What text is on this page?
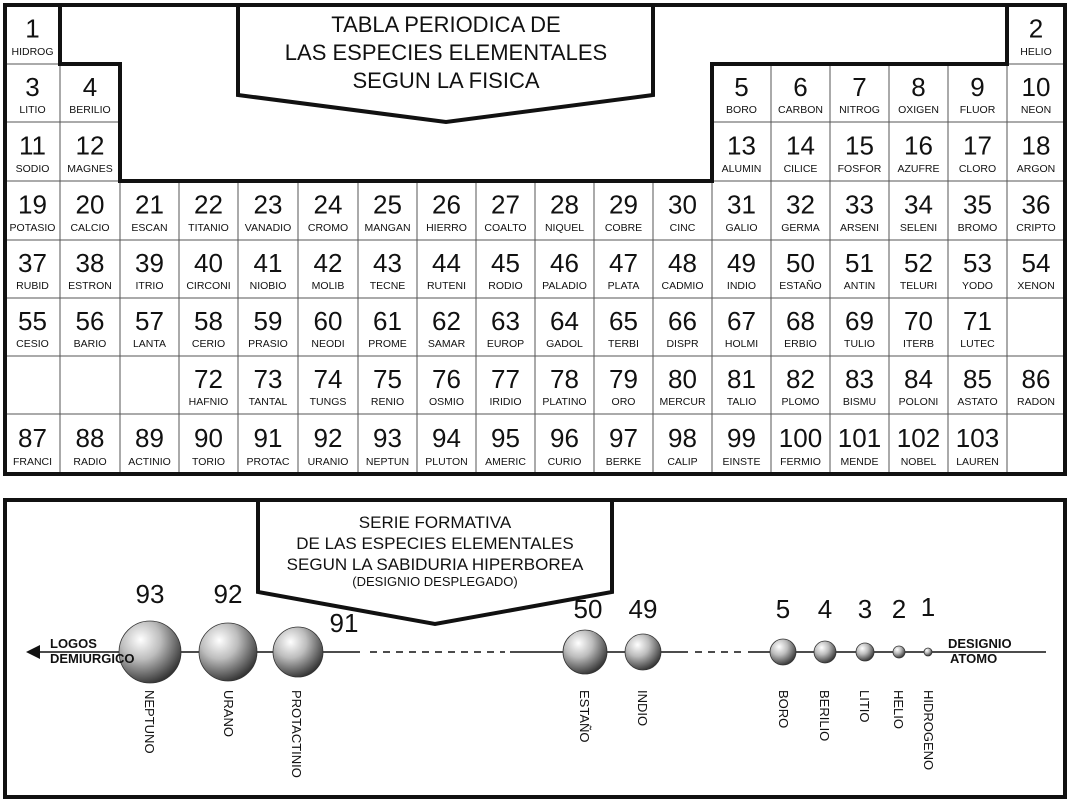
1
HIDROG
2
HELIO
3
LITIO
4
BERILIO
5
BORO
6
CARBON
7
NITROG
8
OXIGEN
9
FLUOR
10
NEON
11
SODIO
12
MAGNES
13
ALUMIN
14
CILICE
15
FOSFOR
16
AZUFRE
17
CLORO
18
ARGON
19
POTASIO
20
CALCIO
21
ESCAN
22
TITANIO
23
VANADIO
24
CROMO
25
MANGAN
26
HIERRO
27
COALTO
28
NIQUEL
29
COBRE
30
CINC
31
GALIO
32
GERMA
33
ARSENI
34
SELENI
35
BROMO
36
CRIPTO
37
RUBID
38
ESTRON
39
ITRIO
40
CIRCONI
41
NIOBIO
42
MOLIB
43
TECNE
44
RUTENI
45
RODIO
46
PALADIO
47
PLATA
48
CADMIO
49
INDIO
50
ESTAÑO
51
ANTIN
52
TELURI
53
YODO
54
XENON
55
CESIO
56
BARIO
57
LANTA
58
CERIO
59
PRASIO
60
NEODI
61
PROME
62
SAMAR
63
EUROP
64
GADOL
65
TERBI
66
DISPR
67
HOLMI
68
ERBIO
69
TULIO
70
ITERB
71
LUTEC
72
HAFNIO
73
TANTAL
74
TUNGS
75
RENIO
76
OSMIO
77
IRIDIO
78
PLATINO
79
ORO
80
MERCUR
81
TALIO
82
PLOMO
83
BISMU
84
POLONI
85
ASTATO
86
RADON
87
FRANCI
88
RADIO
89
ACTINIO
90
TORIO
91
PROTAC
92
URANIO
93
NEPTUN
94
PLUTON
95
AMERIC
96
CURIO
97
BERKE
98
CALIP
99
EINSTE
100
FERMIO
101
MENDE
102
NOBEL
103
LAUREN
TABLA PERIODICA DE
LAS ESPECIES ELEMENTALES
SEGUN LA FISICA
93
NEPTUNO
92
URANO
91
PROTACTINIO
50
ESTAÑO
49
INDIO
5
BORO
4
BERILIO
3
LITIO
2
HELIO
1
HIDROGENO
SERIE FORMATIVA
DE LAS ESPECIES ELEMENTALES
SEGUN LA SABIDURIA HIPERBOREA
(DESIGNIO DESPLEGADO)
LOGOS
DEMIURGICO
DESIGNIO
ATOMO
